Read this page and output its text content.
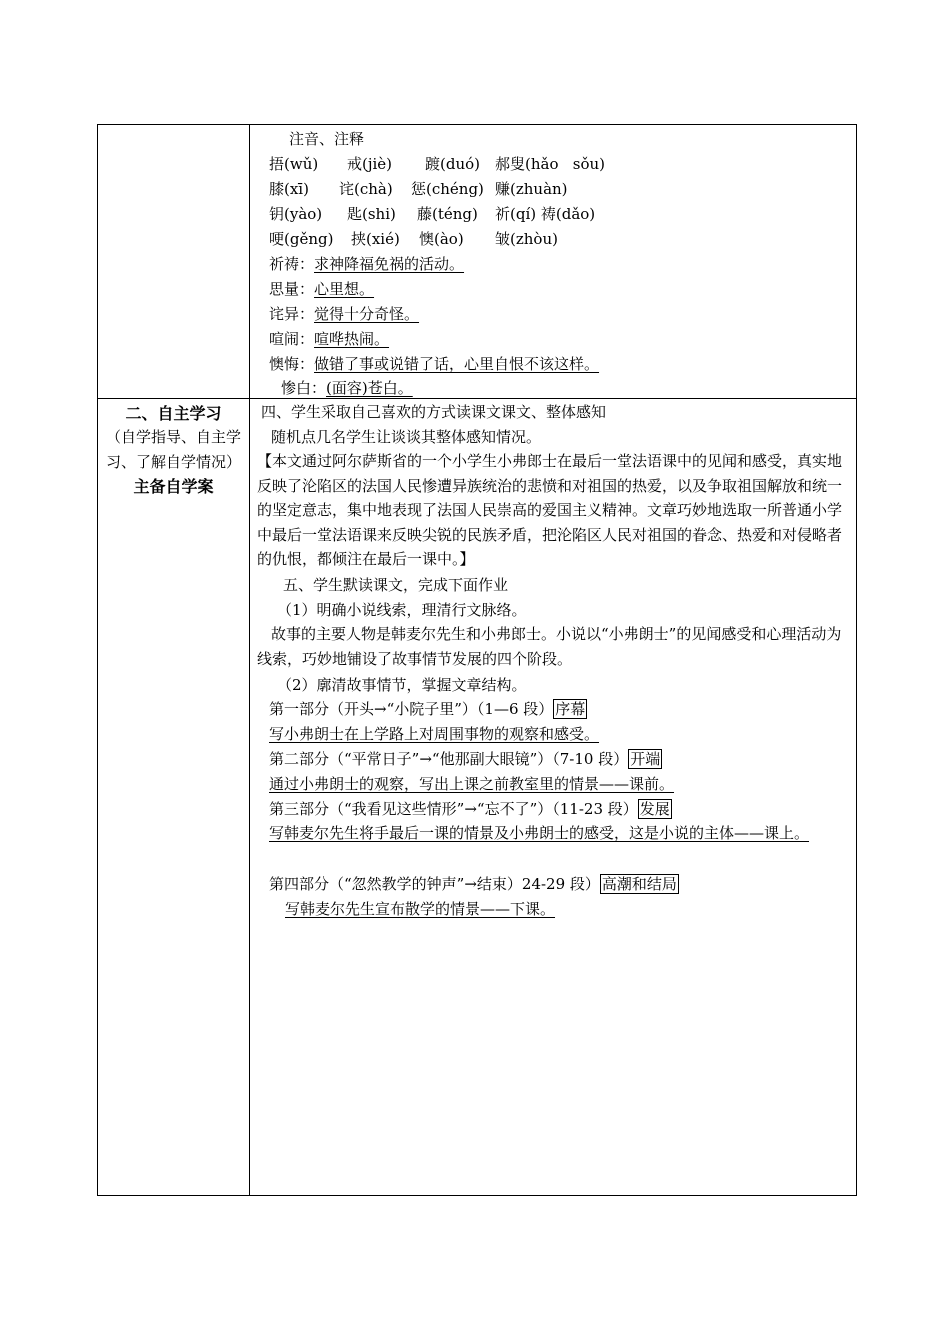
注音、注释
捂(wǔ) 戒(jiè) 踱(duó) 郝叟(hǎo   sǒu)
膝(xī) 诧(chà) 惩(chéng) 赚(zhuàn)
钥(yào) 匙(shi) 藤(téng) 祈(qí) 祷(dǎo)
哽(gěng) 挟(xié) 懊(ào) 皱(zhòu)
祈祷：求神降福免祸的活动。
思量：心里想。
诧异：觉得十分奇怪。
喧闹：喧哗热闹。
懊悔：做错了事或说错了话，心里自恨不该这样。
惨白：(面容)苍白。
二、自主学习
（自学指导、自主学习、了解自学情况）
主备自学案
四、学生采取自己喜欢的方式读课文课文、整体感知
随机点几名学生让谈谈其整体感知情况。
【本文通过阿尔萨斯省的一个小学生小弗郎士在最后一堂法语课中的见闻和感受，真实地反映了沦陷区的法国人民惨遭异族统治的悲愤和对祖国的热爱，以及争取祖国解放和统一的坚定意志，集中地表现了法国人民崇高的爱国主义精神。文章巧妙地选取一所普通小学中最后一堂法语课来反映尖锐的民族矛盾，把沦陷区人民对祖国的眷念、热爱和对侵略者的仇恨，都倾注在最后一课中。】
五、学生默读课文，完成下面作业
（1）明确小说线索，理清行文脉络。
故事的主要人物是韩麦尔先生和小弗郎士。小说以“小弗朗士”的见闻感受和心理活动为线索，巧妙地铺设了故事情节发展的四个阶段。
（2）廓清故事情节，掌握文章结构。
第一部分（开头→“小院子里”）（1—6 段） 序幕
写小弗朗士在上学路上对周围事物的观察和感受。
第二部分（“平常日子”→“他那副大眼镜”）（7-10 段） 开端
通过小弗朗士的观察，写出上课之前教室里的情景——课前。
第三部分（“我看见这些情形”→“忘不了”）（11-23 段） 发展
写韩麦尔先生将手最后一课的情景及小弗朗士的感受，这是小说的主体——课上。
第四部分（“忽然教学的钟声”→结束）24-29 段） 高潮和结局
写韩麦尔先生宣布散学的情景——下课。
